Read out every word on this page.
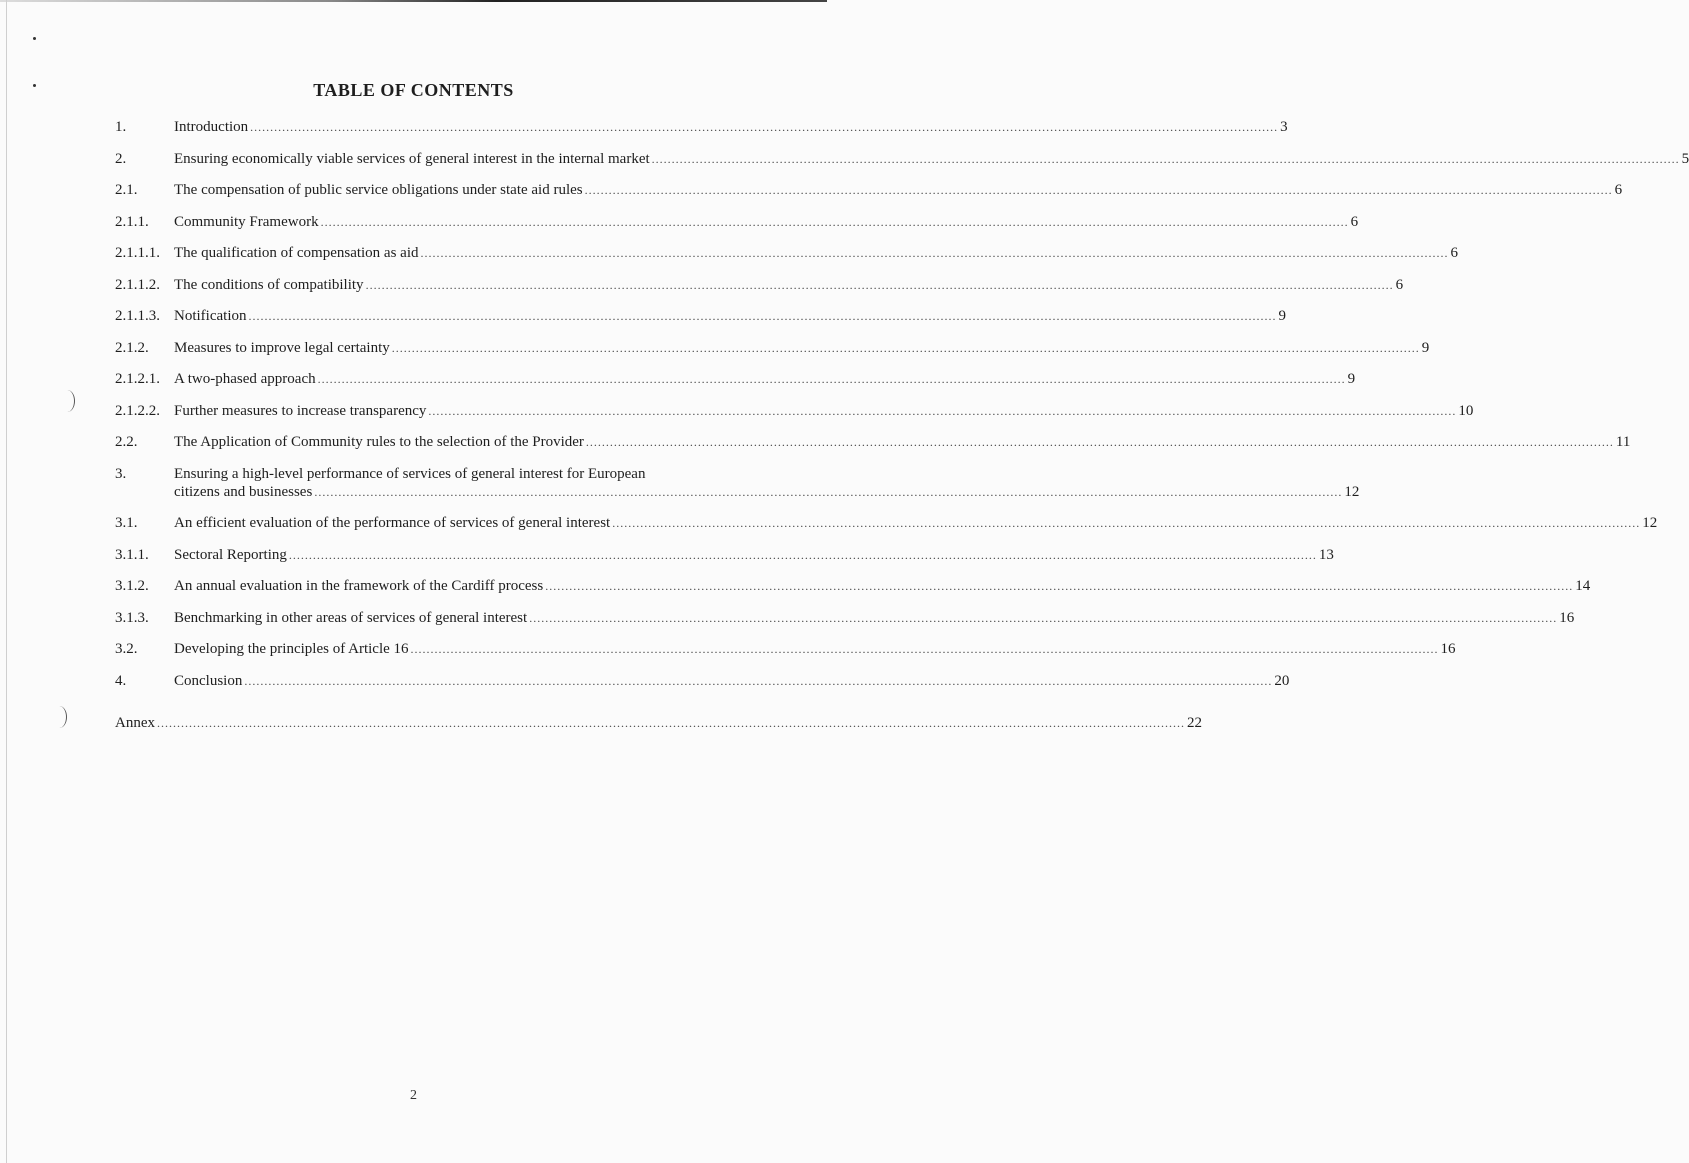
TABLE OF CONTENTS
1.	Introduction .....	3
2.	Ensuring economically viable services of general interest in the internal market .....	5
2.1.	The compensation of public service obligations under state aid rules .....	6
2.1.1.	Community Framework .....	6
2.1.1.1. The qualification of compensation as aid .....	6
2.1.1.2. The conditions of compatibility .....	6
2.1.1.3. Notification .....	9
2.1.2.	Measures to improve legal certainty .....	9
2.1.2.1. A two-phased approach .....	9
2.1.2.2. Further measures to increase transparency .....	10
2.2.	The Application of Community rules to the selection of the Provider .....	11
3.	Ensuring a high-level performance of services of general interest for European
citizens and businesses .....	12
3.1.	An efficient evaluation of the performance of services of general interest .....	12
3.1.1.	Sectoral Reporting .....	13
3.1.2.	An annual evaluation in the framework of the Cardiff process .....	14
3.1.3.	Benchmarking in other areas of services of general interest .....	16
3.2.	Developing the principles of Article 16 .....	16
4.	Conclusion .....	20
Annex .....	22
2
